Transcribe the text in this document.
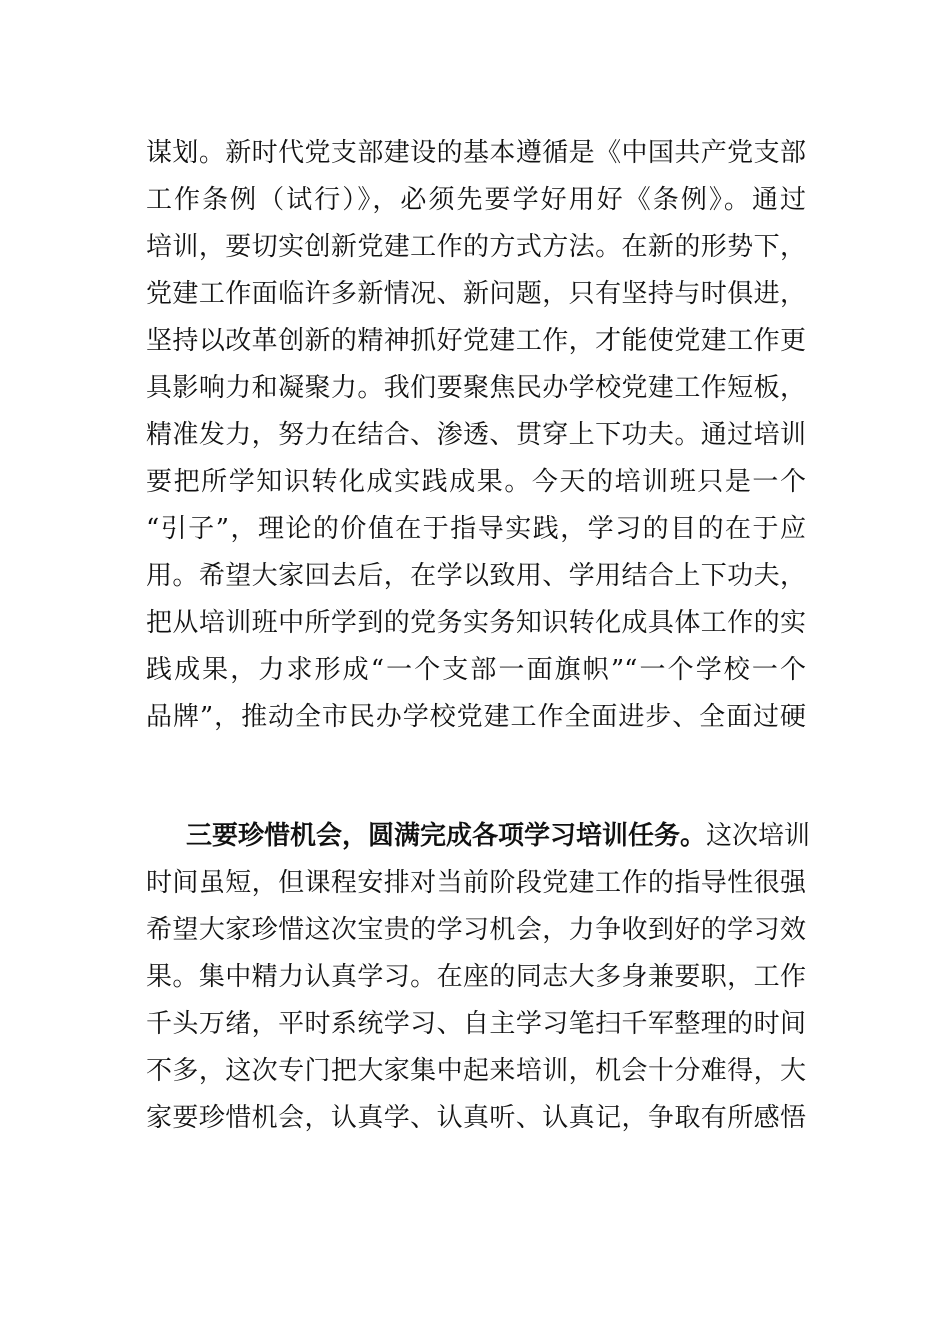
谋划。新时代党支部建设的基本遵循是《中国共产党支部
工作条例（试行）》，必须先要学好用好《条例》。通过
培训，要切实创新党建工作的方式方法。在新的形势下，
党建工作面临许多新情况、新问题，只有坚持与时俱进，
坚持以改革创新的精神抓好党建工作，才能使党建工作更
具影响力和凝聚力。我们要聚焦民办学校党建工作短板，
精准发力，努力在结合、渗透、贯穿上下功夫。通过培训
要把所学知识转化成实践成果。今天的培训班只是一个
“引子”，理论的价值在于指导实践，学习的目的在于应
用。希望大家回去后，在学以致用、学用结合上下功夫，
把从培训班中所学到的党务实务知识转化成具体工作的实
践成果，力求形成“一个支部一面旗帜”“一个学校一个
品牌”，推动全市民办学校党建工作全面进步、全面过硬
三要珍惜机会，圆满完成各项学习培训任务。这次培训
时间虽短，但课程安排对当前阶段党建工作的指导性很强
希望大家珍惜这次宝贵的学习机会，力争收到好的学习效
果。集中精力认真学习。在座的同志大多身兼要职，工作
千头万绪，平时系统学习、自主学习笔扫千军整理的时间
不多，这次专门把大家集中起来培训，机会十分难得，大
家要珍惜机会，认真学、认真听、认真记，争取有所感悟
